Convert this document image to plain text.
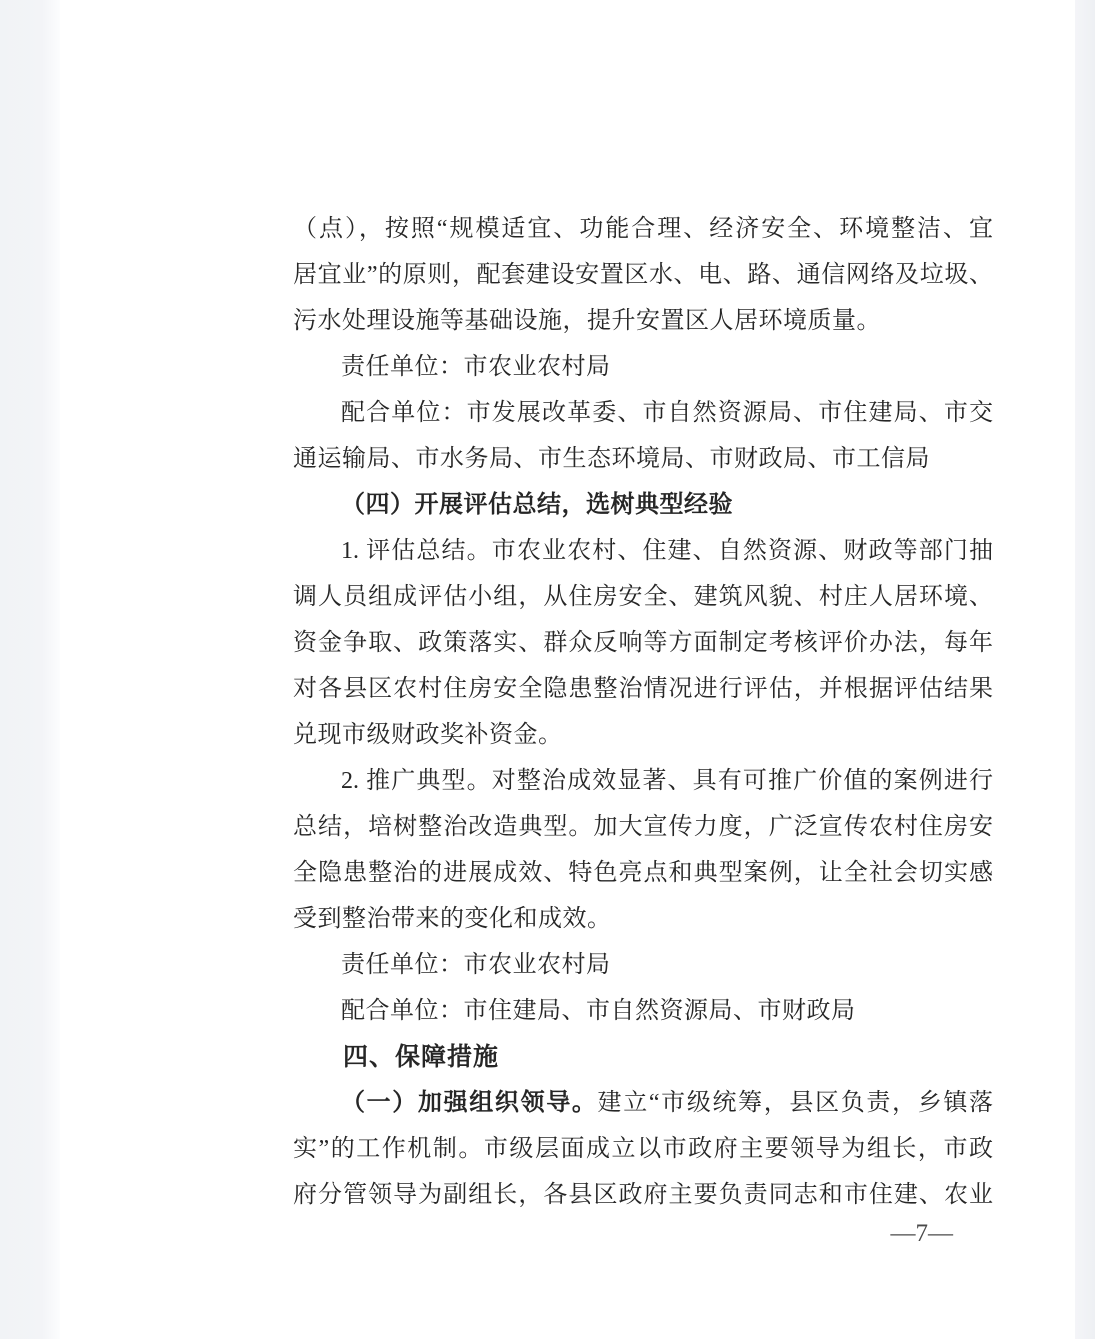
（点），按照“规模适宜、功能合理、经济安全、环境整洁、宜
居宜业”的原则，配套建设安置区水、电、路、通信网络及垃圾、
污水处理设施等基础设施，提升安置区人居环境质量。
责任单位：市农业农村局
配合单位：市发展改革委、市自然资源局、市住建局、市交
通运输局、市水务局、市生态环境局、市财政局、市工信局
（四）开展评估总结，选树典型经验
1. 评估总结。市农业农村、住建、自然资源、财政等部门抽
调人员组成评估小组，从住房安全、建筑风貌、村庄人居环境、
资金争取、政策落实、群众反响等方面制定考核评价办法，每年
对各县区农村住房安全隐患整治情况进行评估，并根据评估结果
兑现市级财政奖补资金。
2. 推广典型。对整治成效显著、具有可推广价值的案例进行
总结，培树整治改造典型。加大宣传力度，广泛宣传农村住房安
全隐患整治的进展成效、特色亮点和典型案例，让全社会切实感
受到整治带来的变化和成效。
责任单位：市农业农村局
配合单位：市住建局、市自然资源局、市财政局
四、保障措施
（一）加强组织领导。建立“市级统筹，县区负责，乡镇落
实”的工作机制。市级层面成立以市政府主要领导为组长，市政
府分管领导为副组长，各县区政府主要负责同志和市住建、农业
—7—
